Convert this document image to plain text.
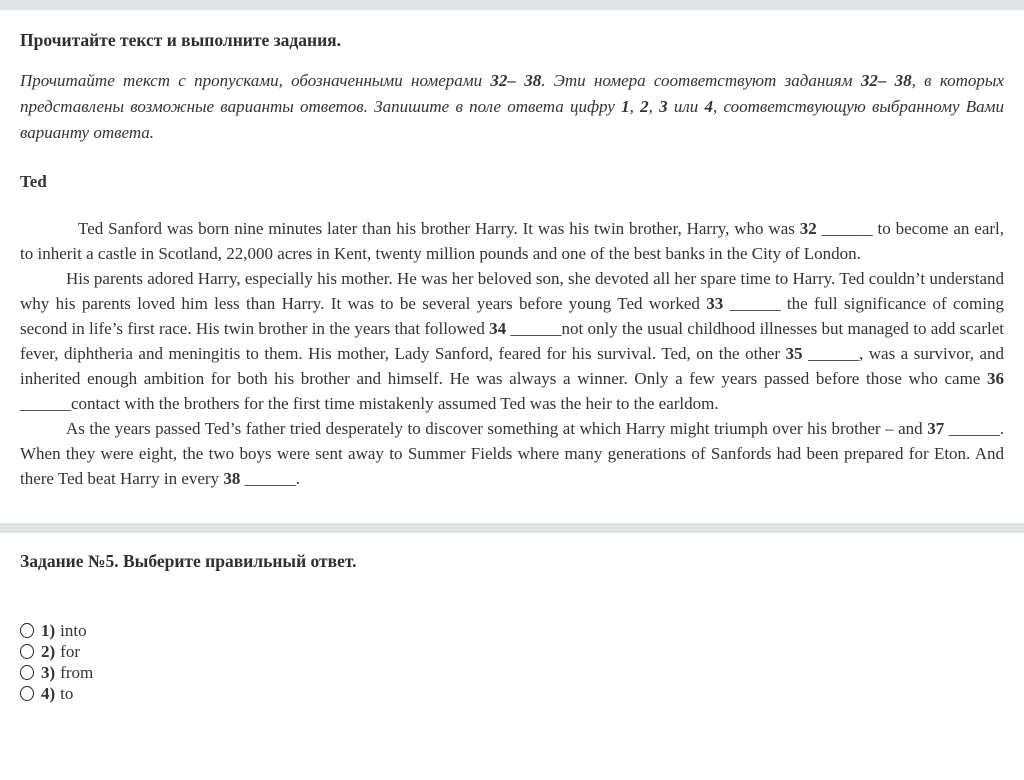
Прочитайте текст и выполните задания.
Прочитайте текст с пропусками, обозначенными номерами 32– 38. Эти номера соответствуют заданиям 32– 38, в которых представлены возможные варианты ответов. Запишите в поле ответа цифру 1, 2, 3 или 4, соответствующую выбранному Вами варианту ответа.
Ted

Ted Sanford was born nine minutes later than his brother Harry. It was his twin brother, Harry, who was 32 ______ to become an earl, to inherit a castle in Scotland, 22,000 acres in Kent, twenty million pounds and one of the best banks in the City of London.

His parents adored Harry, especially his mother. He was her beloved son, she devoted all her spare time to Harry. Ted couldn’t understand why his parents loved him less than Harry. It was to be several years before young Ted worked 33 ______ the full significance of coming second in life’s first race. His twin brother in the years that followed 34 ______not only the usual childhood illnesses but managed to add scarlet fever, diphtheria and meningitis to them. His mother, Lady Sanford, feared for his survival. Ted, on the other 35 ______, was a survivor, and inherited enough ambition for both his brother and himself. He was always a winner. Only a few years passed before those who came 36 ______contact with the brothers for the first time mistakenly assumed Ted was the heir to the earldom.

As the years passed Ted’s father tried desperately to discover something at which Harry might triumph over his brother – and 37 ______. When they were eight, the two boys were sent away to Summer Fields where many generations of Sanfords had been prepared for Eton. And there Ted beat Harry in every 38 ______.

Задание №5. Выберите правильный ответ.
1) into
2) for
3) from
4) to
